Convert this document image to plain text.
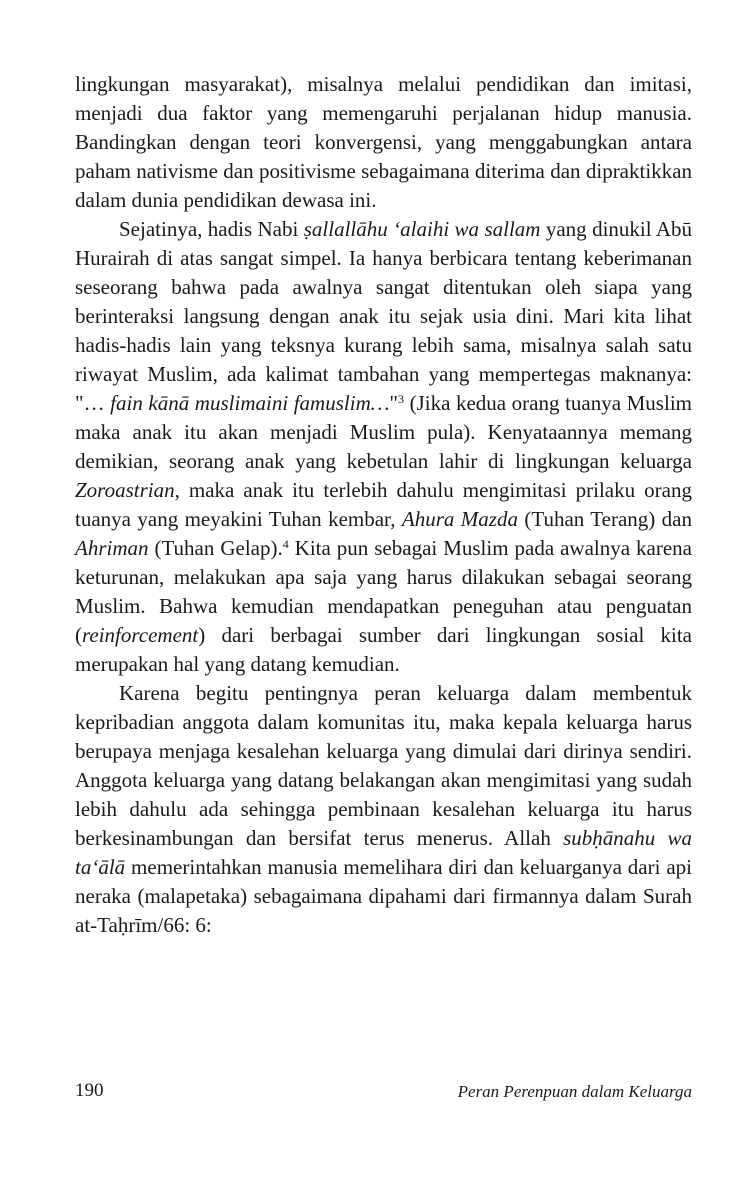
lingkungan masyarakat), misalnya melalui pendidikan dan imitasi, menjadi dua faktor yang memengaruhi perjalanan hidup manusia. Bandingkan dengan teori konvergensi, yang menggabungkan antara paham nativisme dan positivisme sebagaimana diterima dan dipraktikkan dalam dunia pendidikan dewasa ini.

Sejatinya, hadis Nabi ṣallallāhu ‘alaihi wa sallam yang dinukil Abū Hurairah di atas sangat simpel. Ia hanya berbicara tentang keberimanan seseorang bahwa pada awalnya sangat ditentukan oleh siapa yang berinteraksi langsung dengan anak itu sejak usia dini. Mari kita lihat hadis-hadis lain yang teksnya kurang lebih sama, misalnya salah satu riwayat Muslim, ada kalimat tambahan yang mempertegas maknanya: "… fain kānā muslimaini famuslim…"$^3$ (Jika kedua orang tuanya Muslim maka anak itu akan menjadi Muslim pula). Kenyataannya memang demikian, seorang anak yang kebetulan lahir di lingkungan keluarga Zoroastrian, maka anak itu terlebih dahulu mengimitasi prilaku orang tuanya yang meyakini Tuhan kembar, Ahura Mazda (Tuhan Terang) dan Ahriman (Tuhan Gelap).$^4$ Kita pun sebagai Muslim pada awalnya karena keturunan, melakukan apa saja yang harus dilakukan sebagai seorang Muslim. Bahwa kemudian mendapatkan peneguhan atau penguatan (reinforcement) dari berbagai sumber dari lingkungan sosial kita merupakan hal yang datang kemudian.

Karena begitu pentingnya peran keluarga dalam membentuk kepribadian anggota dalam komunitas itu, maka kepala keluarga harus berupaya menjaga kesalehan keluarga yang dimulai dari dirinya sendiri. Anggota keluarga yang datang belakangan akan mengimitasi yang sudah lebih dahulu ada sehingga pembinaan kesalehan keluarga itu harus berkesinambungan dan bersifat terus menerus. Allah subḥānahu wa ta‘ālā memerintahkan manusia memelihara diri dan keluarganya dari api neraka (malapetaka) sebagaimana dipahami dari firmannya dalam Surah at-Taḥrīm/66: 6:

190	Peran Perenpuan dalam Keluarga
